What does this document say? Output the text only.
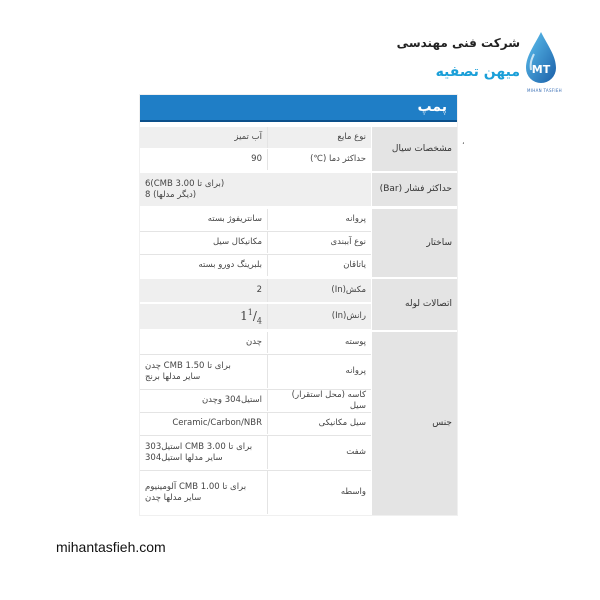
شرکت فنی مهندسی
میهن تصفیه MT
MIHAN TASFIEH
پمپ
نوع مایع
آب تمیز
حداکثر دما (℃)
90
مشخصات سیال
(برای تا CMB 3.00)6
(دیگر مدلها) 8
حداکثر فشار (Bar)
پروانه
سانتریفوژ بسته
نوع آببندی
مکانیکال سیل
یاتاقان
بلبرینگ دورو بسته
ساختار
مکش(In)
2
رانش(In)
$1^1/_4$
اتصالات لوله
پوسته
چدن
پروانه
برای تا CMB 1.50 چدن
سایر مدلها برنج
کاسه (محل استقرار) سیل
استیل304 وچدن
سیل مکانیکی
Ceramic/Carbon/NBR
شفت
برای تا CMB 3.00 استیل303
سایر مدلها استیل304
واسطه
برای تا CMB 1.00 آلومینیوم
سایر مدلها چدن
جنس
،
mihantasfieh.com
